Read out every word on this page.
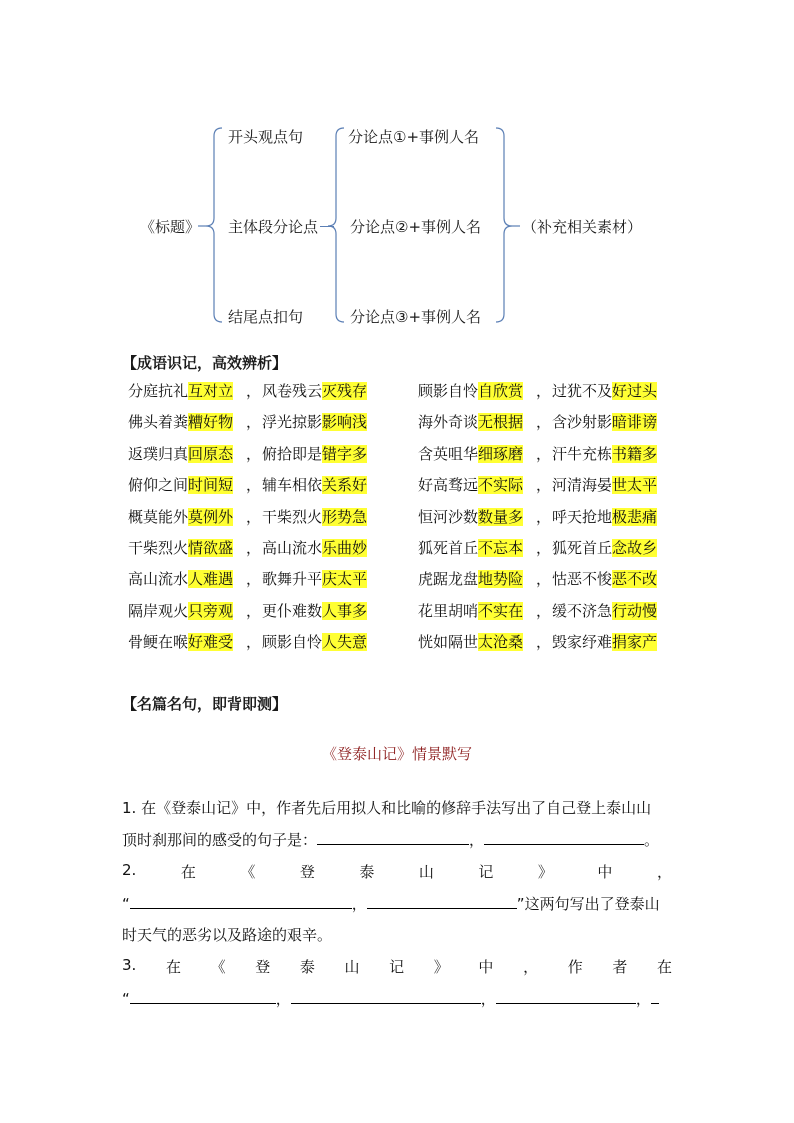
《标题》
开头观点句
主体段分论点
结尾点扣句
分论点①+事例人名
分论点②+事例人名
分论点③+事例人名
（补充相关素材）
【成语识记，高效辨析】
分庭抗礼互对立 ， 风卷残云灭残存	顾影自怜自欣赏 ， 过犹不及好过头
佛头着粪糟好物 ， 浮光掠影影响浅	海外奇谈无根据 ， 含沙射影暗诽谤
返璞归真回原态 ， 俯拾即是错字多	含英咀华细琢磨 ， 汗牛充栋书籍多
俯仰之间时间短 ， 辅车相依关系好	好高骛远不实际 ， 河清海晏世太平
概莫能外莫例外 ， 干柴烈火形势急	恒河沙数数量多 ， 呼天抢地极悲痛
干柴烈火情欲盛 ， 高山流水乐曲妙	狐死首丘不忘本 ， 狐死首丘念故乡
高山流水人难遇 ， 歌舞升平庆太平	虎踞龙盘地势险 ， 怙恶不悛恶不改
隔岸观火只旁观 ， 更仆难数人事多	花里胡哨不实在 ， 缓不济急行动慢
骨鲠在喉好难受 ， 顾影自怜人失意	恍如隔世太沧桑 ， 毁家纾难捐家产
【名篇名句，即背即测】
《登泰山记》情景默写
1. 在《登泰山记》中，作者先后用拟人和比喻的修辞手法写出了自己登上泰山山
顶时刹那间的感受的句子是：	，	。
2.	在	《	登	泰	山	记	》	中	，
“	，	”这两句写出了登泰山
时天气的恶劣以及路途的艰辛。
3. 在 《 登 泰 山 记 》 中 ， 作 者 在
“	，	，	，
